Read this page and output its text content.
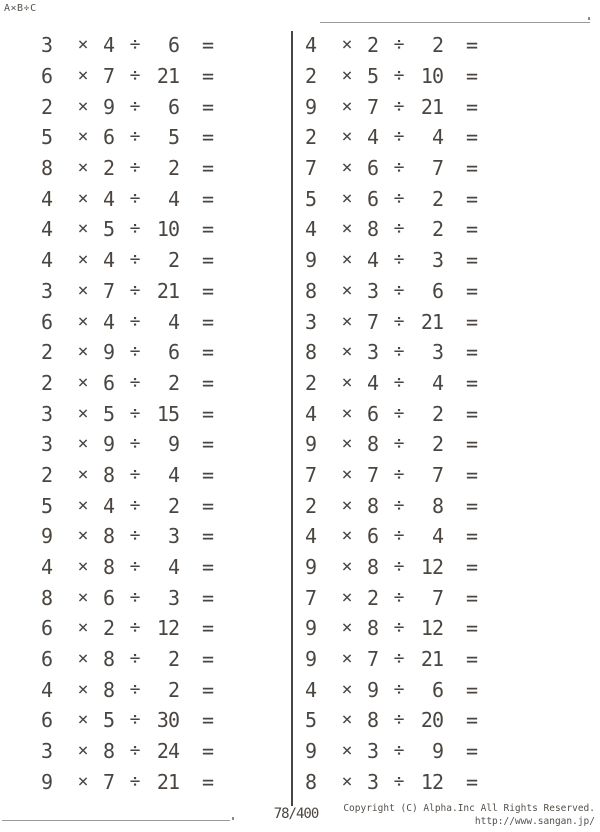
A×B÷C
3	× 4 ÷	6	=
6	× 7 ÷ 21	=
2	× 9 ÷	6	=
5	× 6 ÷	5	=
8	× 2 ÷	2	=
4	× 4 ÷	4	=
4	× 5 ÷ 10	=
4	× 4 ÷	2	=
3	× 7 ÷ 21	=
6	× 4 ÷	4	=
2	× 9 ÷	6	=
2	× 6 ÷	2	=
3	× 5 ÷ 15	=
3	× 9 ÷	9	=
2	× 8 ÷	4	=
5	× 4 ÷	2	=
9	× 8 ÷	3	=
4	× 8 ÷	4	=
8	× 6 ÷	3	=
6	× 2 ÷ 12	=
6	× 8 ÷	2	=
4	× 8 ÷	2	=
6	× 5 ÷ 30	=
3	× 8 ÷ 24	=
9	× 7 ÷ 21	=
4	× 2 ÷	2	=
2	× 5 ÷ 10	=
9	× 7 ÷ 21	=
2	× 4 ÷	4	=
7	× 6 ÷	7	=
5	× 6 ÷	2	=
4	× 8 ÷	2	=
9	× 4 ÷	3	=
8	× 3 ÷	6	=
3	× 7 ÷ 21	=
8	× 3 ÷	3	=
2	× 4 ÷	4	=
4	× 6 ÷	2	=
9	× 8 ÷	2	=
7	× 7 ÷	7	=
2	× 8 ÷	8	=
4	× 6 ÷	4	=
9	× 8 ÷ 12	=
7	× 2 ÷	7	=
9	× 8 ÷ 12	=
9	× 7 ÷ 21	=
4	× 9 ÷	6	=
5	× 8 ÷ 20	=
9	× 3 ÷	9	=
8	× 3 ÷ 12	=
78/400	Copyright (C) Alpha.Inc All Rights Reserved.
http://www.sangan.jp/
